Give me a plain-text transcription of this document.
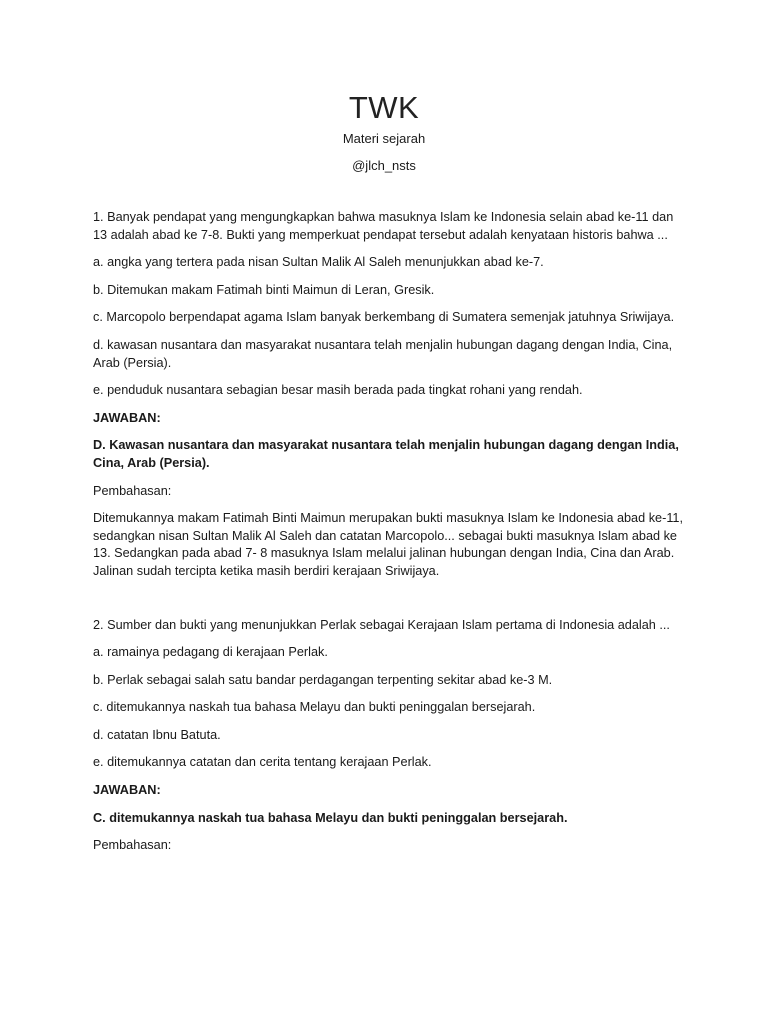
TWK
Materi sejarah
@jlch_nsts

1. Banyak pendapat yang mengungkapkan bahwa masuknya Islam ke Indonesia selain abad ke-11 dan 13 adalah abad ke 7-8. Bukti yang memperkuat pendapat tersebut adalah kenyataan historis bahwa ...

a. angka yang tertera pada nisan Sultan Malik Al Saleh menunjukkan abad ke-7.

b. Ditemukan makam Fatimah binti Maimun di Leran, Gresik.

c. Marcopolo berpendapat agama Islam banyak berkembang di Sumatera semenjak jatuhnya Sriwijaya.

d. kawasan nusantara dan masyarakat nusantara telah menjalin hubungan dagang dengan India, Cina, Arab (Persia).

e. penduduk nusantara sebagian besar masih berada pada tingkat rohani yang rendah.

JAWABAN:

D. Kawasan nusantara dan masyarakat nusantara telah menjalin hubungan dagang dengan India, Cina, Arab (Persia).

Pembahasan:

Ditemukannya makam Fatimah Binti Maimun merupakan bukti masuknya Islam ke Indonesia abad ke-11, sedangkan nisan Sultan Malik Al Saleh dan catatan Marcopolo... sebagai bukti masuknya Islam abad ke 13. Sedangkan pada abad 7- 8 masuknya Islam melalui jalinan hubungan dengan India, Cina dan Arab. Jalinan sudah tercipta ketika masih berdiri kerajaan Sriwijaya.

2. Sumber dan bukti yang menunjukkan Perlak sebagai Kerajaan Islam pertama di Indonesia adalah ...

a. ramainya pedagang di kerajaan Perlak.

b. Perlak sebagai salah satu bandar perdagangan terpenting sekitar abad ke-3 M.

c. ditemukannya naskah tua bahasa Melayu dan bukti peninggalan bersejarah.

d. catatan Ibnu Batuta.

e. ditemukannya catatan dan cerita tentang kerajaan Perlak.

JAWABAN:

C. ditemukannya naskah tua bahasa Melayu dan bukti peninggalan bersejarah.

Pembahasan:
